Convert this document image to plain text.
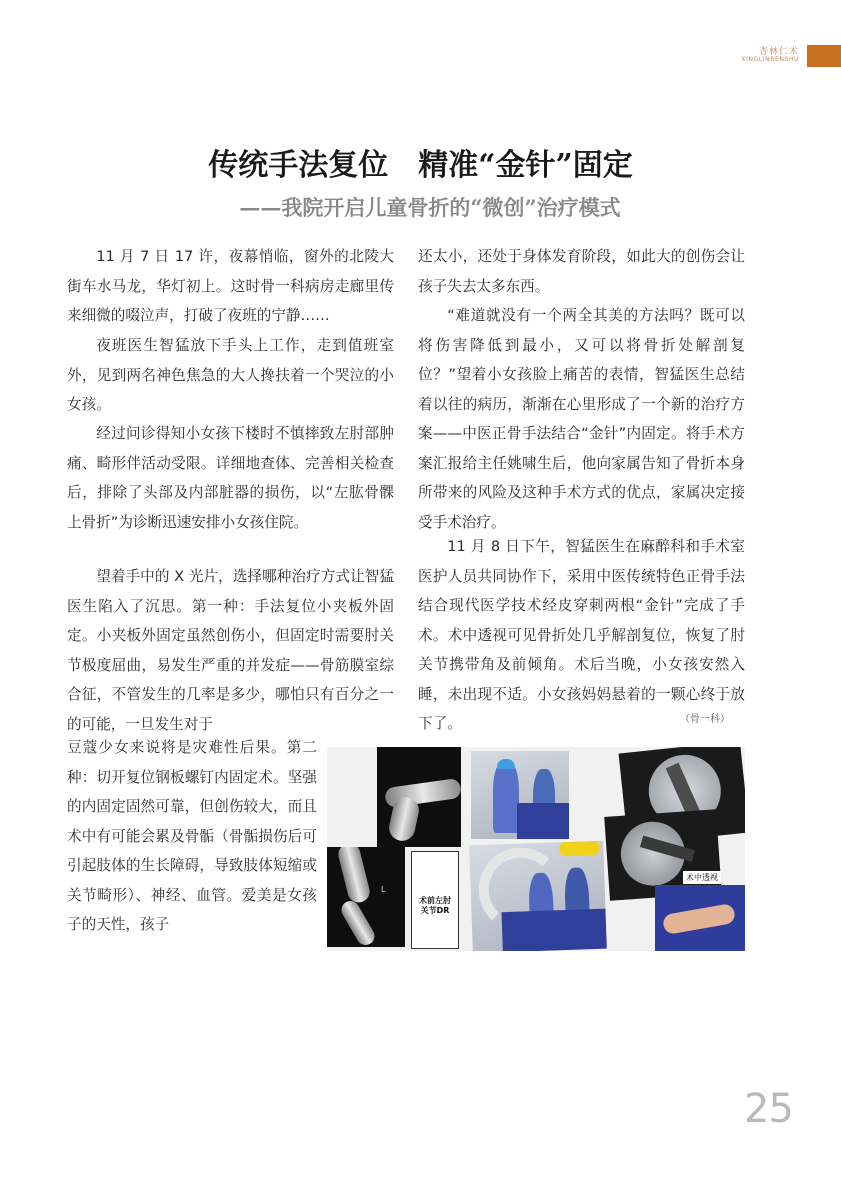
杏林仁术
XINGLINRENSHU
传统手法复位　精准“金针”固定
——我院开启儿童骨折的“微创”治疗模式

11 月 7 日 17 许，夜幕悄临，窗外的北陵大街车水马龙，华灯初上。这时骨一科病房走廊里传来细微的啜泣声，打破了夜班的宁静……

夜班医生智猛放下手头上工作，走到值班室外，见到两名神色焦急的大人搀扶着一个哭泣的小女孩。

经过问诊得知小女孩下楼时不慎摔致左肘部肿痛、畸形伴活动受限。详细地查体、完善相关检查后，排除了头部及内部脏器的损伤，以“左肱骨髁上骨折”为诊断迅速安排小女孩住院。

望着手中的 X 光片，选择哪种治疗方式让智猛医生陷入了沉思。第一种：手法复位小夹板外固定。小夹板外固定虽然创伤小，但固定时需要肘关节极度屈曲，易发生严重的并发症——骨筋膜室综合征，不管发生的几率是多少，哪怕只有百分之一的可能，一旦发生对于

豆蔻少女来说将是灾难性后果。第二种：切开复位钢板螺钉内固定术。坚强的内固定固然可靠，但创伤较大，而且术中有可能会累及骨骺（骨骺损伤后可引起肢体的生长障碍，导致肢体短缩或关节畸形）、神经、血管。爱美是女孩子的天性，孩子

还太小，还处于身体发育阶段，如此大的创伤会让孩子失去太多东西。

“难道就没有一个两全其美的方法吗？既可以将伤害降低到最小，又可以将骨折处解剖复位？”望着小女孩脸上痛苦的表情，智猛医生总结着以往的病历，渐渐在心里形成了一个新的治疗方案——中医正骨手法结合“金针”内固定。将手术方案汇报给主任姚啸生后，他向家属告知了骨折本身所带来的风险及这种手术方式的优点，家属决定接受手术治疗。

11 月 8 日下午，智猛医生在麻醉科和手术室医护人员共同协作下，采用中医传统特色正骨手法结合现代医学技术经皮穿刺两根“金针”完成了手术。术中透视可见骨折处几乎解剖复位，恢复了肘关节携带角及前倾角。术后当晚，小女孩安然入睡，未出现不适。小女孩妈妈悬着的一颗心终于放下了。	（骨一科）
L
术前左肘
关节DR
术中透视
25
